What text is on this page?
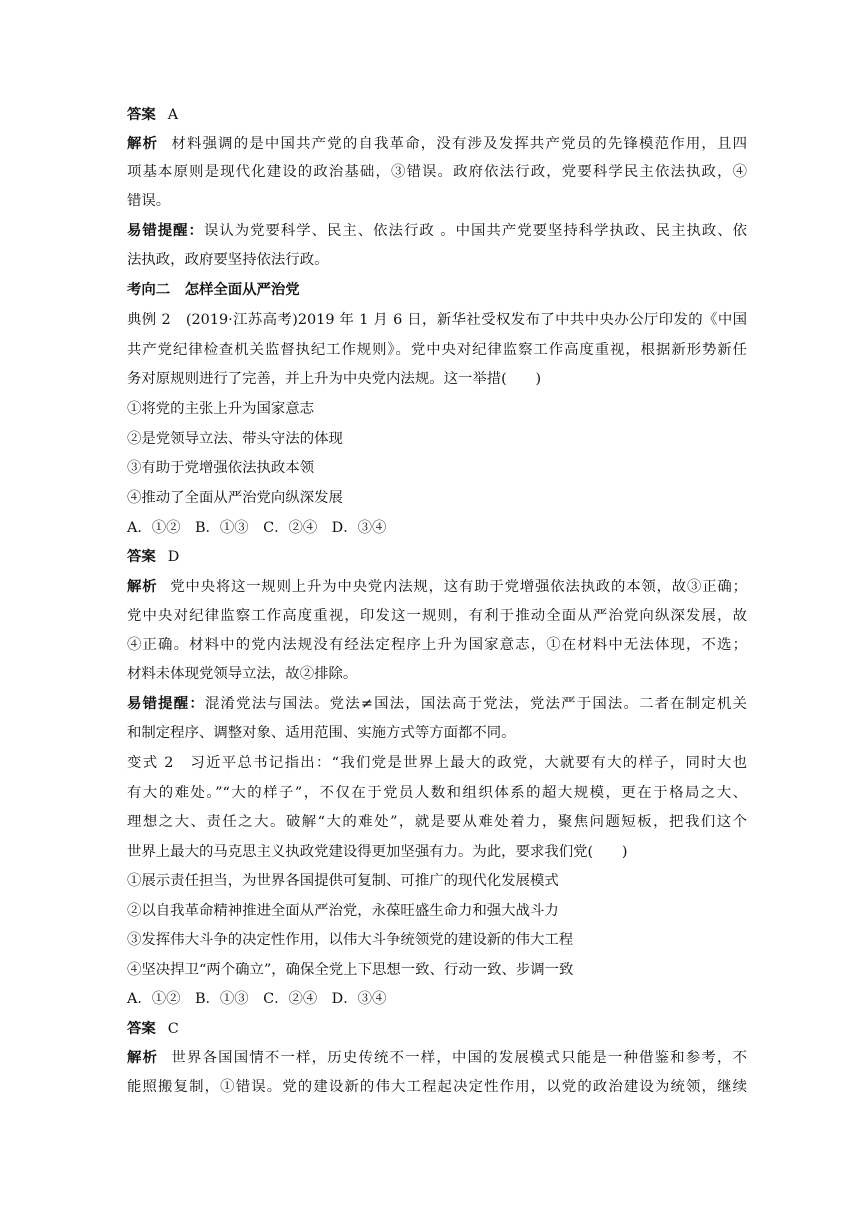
答案 A
解析 材料强调的是中国共产党的自我革命，没有涉及发挥共产党员的先锋模范作用，且四
项基本原则是现代化建设的政治基础，③错误。政府依法行政，党要科学民主依法执政，④
错误。
易错提醒：误认为党要科学、民主、依法行政 。中国共产党要坚持科学执政、民主执政、依
法执政，政府要坚持依法行政。
考向二　怎样全面从严治党
典例 2　(2019·江苏高考)2019 年 1 月 6 日，新华社受权发布了中共中央办公厅印发的《中国
共产党纪律检查机关监督执纪工作规则》。党中央对纪律监察工作高度重视，根据新形势新任
务对原规则进行了完善，并上升为中央党内法规。这一举措(　　)
①将党的主张上升为国家意志
②是党领导立法、带头守法的体现
③有助于党增强依法执政本领
④推动了全面从严治党向纵深发展
A．①②　B．①③　C．②④　D．③④
答案 D
解析 党中央将这一规则上升为中央党内法规，这有助于党增强依法执政的本领，故③正确；
党中央对纪律监察工作高度重视，印发这一规则，有利于推动全面从严治党向纵深发展，故
④正确。材料中的党内法规没有经法定程序上升为国家意志，①在材料中无法体现，不选；
材料未体现党领导立法，故②排除。
易错提醒：混淆党法与国法。党法≠国法，国法高于党法，党法严于国法。二者在制定机关
和制定程序、调整对象、适用范围、实施方式等方面都不同。
变式 2　习近平总书记指出：“我们党是世界上最大的政党，大就要有大的样子，同时大也
有大的难处。”“大的样子”，不仅在于党员人数和组织体系的超大规模，更在于格局之大、
理想之大、责任之大。破解“大的难处”，就是要从难处着力，聚焦问题短板，把我们这个
世界上最大的马克思主义执政党建设得更加坚强有力。为此，要求我们党(　　)
①展示责任担当，为世界各国提供可复制、可推广的现代化发展模式
②以自我革命精神推进全面从严治党，永葆旺盛生命力和强大战斗力
③发挥伟大斗争的决定性作用，以伟大斗争统领党的建设新的伟大工程
④坚决捍卫“两个确立”，确保全党上下思想一致、行动一致、步调一致
A．①②　B．①③　C．②④　D．③④
答案 C
解析 世界各国国情不一样，历史传统不一样，中国的发展模式只能是一种借鉴和参考，不
能照搬复制，①错误。党的建设新的伟大工程起决定性作用，以党的政治建设为统领，继续
